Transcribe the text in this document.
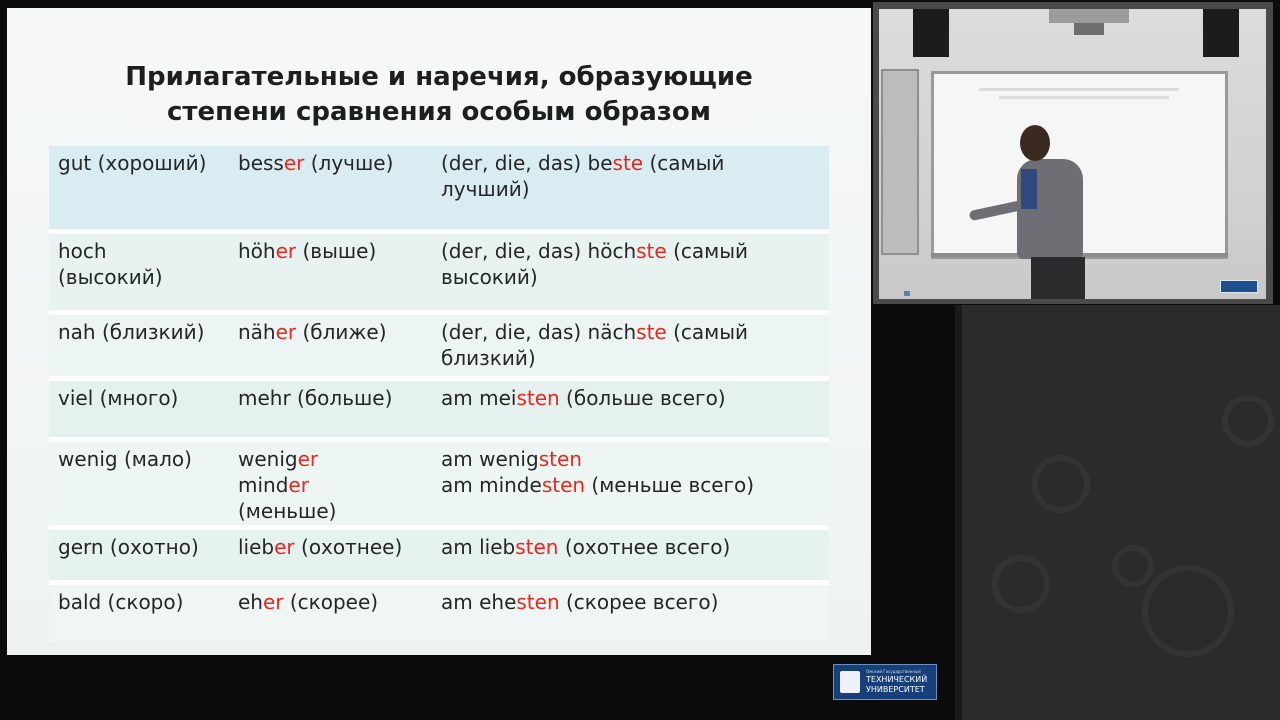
Прилагательные и наречия, образующие
степени сравнения особым образом
gut (хороший)	besser (лучше)	(der, die, das) beste (самый
лучший)

hoch
(высокий)	höher (выше)	(der, die, das) höchste (самый
высокий)

nah (близкий)	näher (ближе)	(der, die, das) nächste (самый
близкий)

viel (много)	mehr (больше)	am meisten (больше всего)

wenig (мало)	weniger
minder
(меньше)	am wenigsten
am mindesten (меньше всего)

gern (охотно)	lieber (охотнее)	am liebsten (охотнее всего)

bald (скоро)	eher (скорее)	am ehesten (скорее всего)
Омский Государственный
ТЕХНИЧЕСКИЙ
УНИВЕРСИТЕТ
